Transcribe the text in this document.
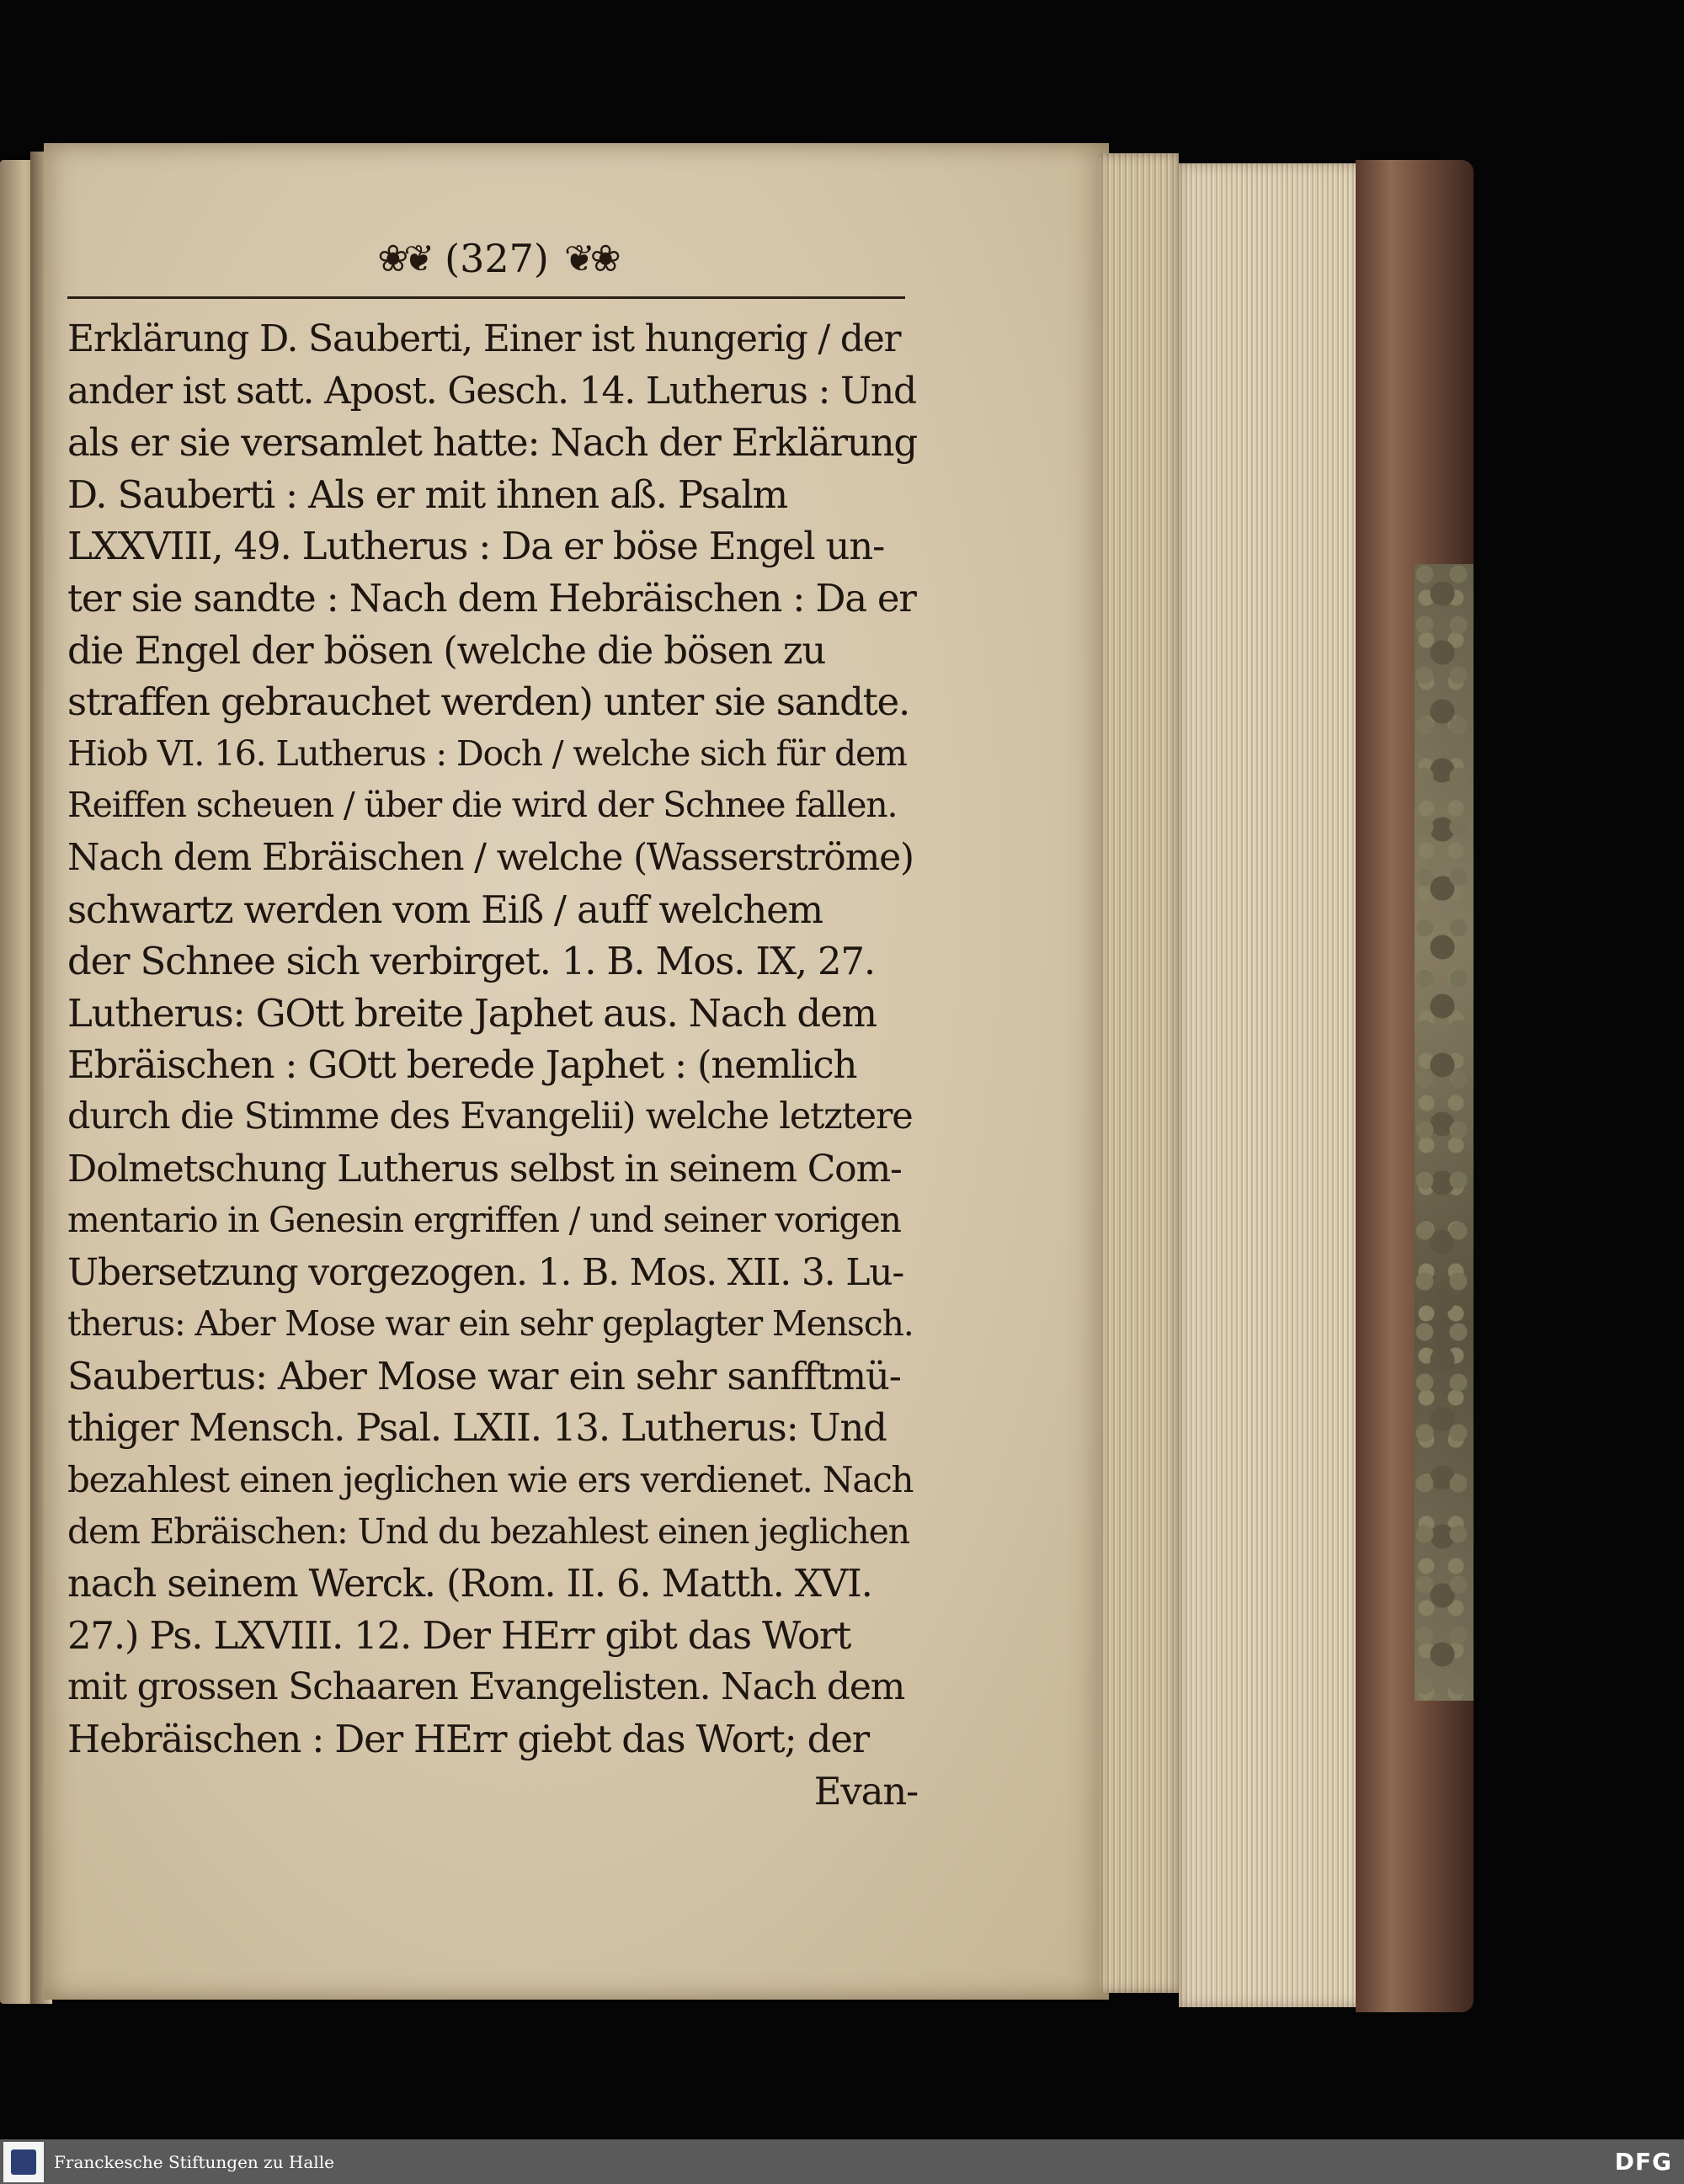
❀❦ (327) ❦❀
Erklärung D. Sauberti, Einer ist hungerig / der
ander ist satt. Apost. Gesch. 14. Lutherus : Und
als er sie versamlet hatte: Nach der Erklärung
D. Sauberti : Als er mit ihnen aß. Psalm
LXXVIII, 49. Lutherus : Da er böse Engel un-
ter sie sandte : Nach dem Hebräischen : Da er
die Engel der bösen (welche die bösen zu
straffen gebrauchet werden) unter sie sandte.
Hiob VI. 16. Lutherus : Doch / welche sich für dem
Reiffen scheuen / über die wird der Schnee fallen.
Nach dem Ebräischen / welche (Wasserströme)
schwartz werden vom Eiß / auff welchem
der Schnee sich verbirget. 1. B. Mos. IX, 27.
Lutherus: GOtt breite Japhet aus. Nach dem
Ebräischen : GOtt berede Japhet : (nemlich
durch die Stimme des Evangelii) welche letztere
Dolmetschung Lutherus selbst in seinem Com-
mentario in Genesin ergriffen / und seiner vorigen
Ubersetzung vorgezogen. 1. B. Mos. XII. 3. Lu-
therus: Aber Mose war ein sehr geplagter Mensch.
Saubertus: Aber Mose war ein sehr sanfftmü-
thiger Mensch. Psal. LXII. 13. Lutherus: Und
bezahlest einen jeglichen wie ers verdienet. Nach
dem Ebräischen: Und du bezahlest einen jeglichen
nach seinem Werck. (Rom. II. 6. Matth. XVI.
27.) Ps. LXVIII. 12. Der HErr gibt das Wort
mit grossen Schaaren Evangelisten. Nach dem
Hebräischen : Der HErr giebt das Wort; der
Evan-
Franckesche Stiftungen zu Halle	DFG
